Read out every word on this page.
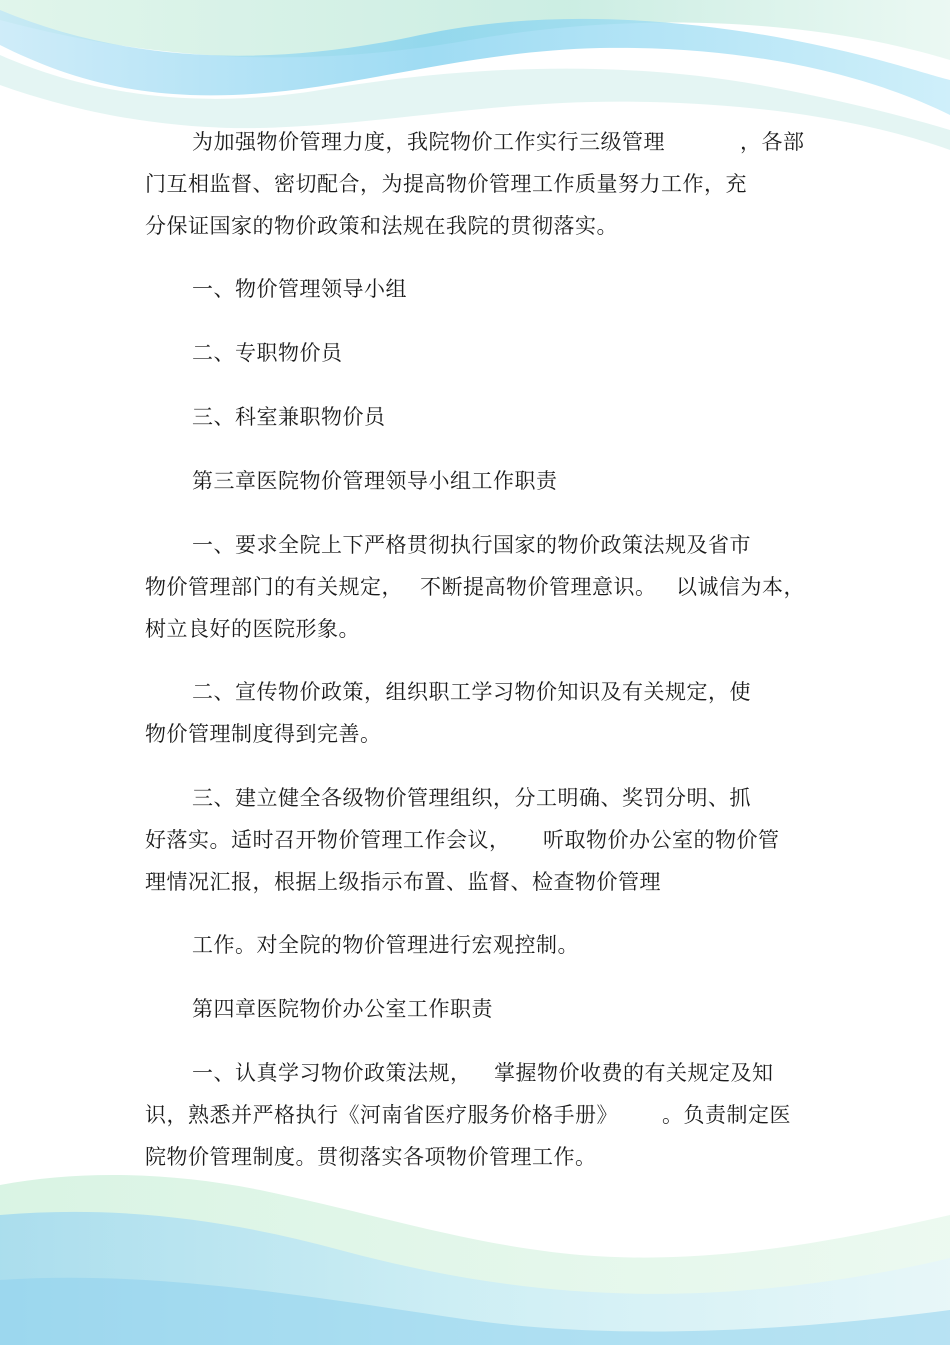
为加强物价管理力度，我院物价工作实行三级管理	，各部
门互相监督、密切配合，为提高物价管理工作质量努力工作，充
分保证国家的物价政策和法规在我院的贯彻落实。
一、物价管理领导小组
二、专职物价员
三、科室兼职物价员
第三章医院物价管理领导小组工作职责
一、要求全院上下严格贯彻执行国家的物价政策法规及省市
物价管理部门的有关规定， 不断提高物价管理意识。 以诚信为本，
树立良好的医院形象。
二、宣传物价政策，组织职工学习物价知识及有关规定，使
物价管理制度得到完善。
三、建立健全各级物价管理组织，分工明确、奖罚分明、抓
好落实。适时召开物价管理工作会议， 听取物价办公室的物价管
理情况汇报，根据上级指示布置、监督、检查物价管理
工作。对全院的物价管理进行宏观控制。
第四章医院物价办公室工作职责
一、认真学习物价政策法规， 掌握物价收费的有关规定及知
识，熟悉并严格执行《河南省医疗服务价格手册》 。负责制定医
院物价管理制度。贯彻落实各项物价管理工作。
